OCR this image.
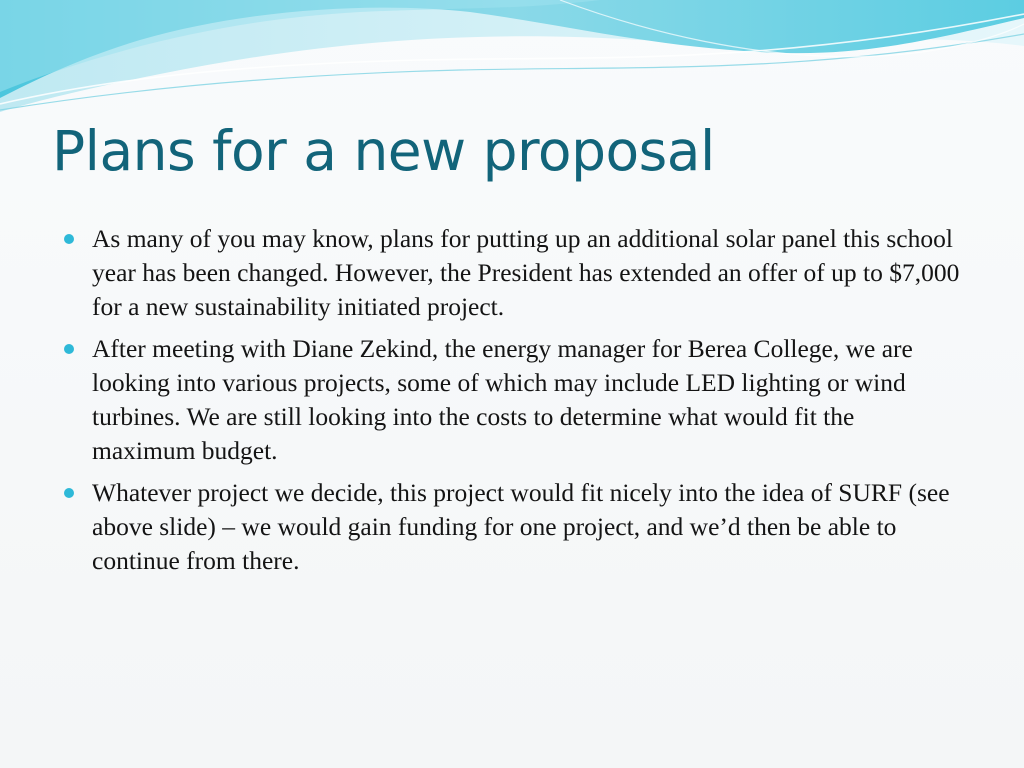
Plans for a new proposal
As many of you may know, plans for putting up an additional solar panel this school year has been changed. However, the President has extended an offer of up to $7,000 for a new sustainability initiated project.
After meeting with Diane Zekind, the energy manager for Berea College, we are looking into various projects, some of which may include LED lighting or wind turbines. We are still looking into the costs to determine what would fit the maximum budget.
Whatever project we decide, this project would fit nicely into the idea of SURF (see above slide) – we would gain funding for one project, and we’d then be able to continue from there.
